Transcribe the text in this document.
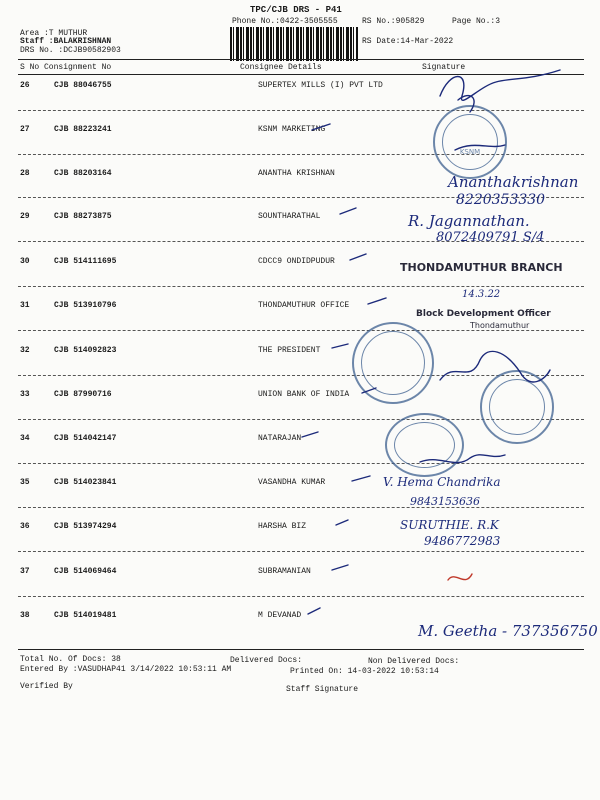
TPC/CJB DRS - P41
Phone No.:0422-3505555	RS No.:905829	Page No.:3
Area :T MUTHUR
Staff :BALAKRISHNAN	RS Date:14-Mar-2022
DRS No. :DCJB90582903
S No Consignment No	Consignee Details	Signature
26	CJB 88046755	SUPERTEX MILLS (I) PVT LTD
27	CJB 88223241	KSNM MARKETING
28	CJB 88203164	ANANTHA KRISHNAN
29	CJB 88273875	SOUNTHARATHAL
30	CJB 514111695	CDCC9 ONDIDPUDUR
31	CJB 513910796	THONDAMUTHUR OFFICE
32	CJB 514092823	THE PRESIDENT
33	CJB 87990716	UNION BANK OF INDIA
34	CJB 514042147	NATARAJAN
35	CJB 514023841	VASANDHA KUMAR
36	CJB 513974294	HARSHA BIZ
37	CJB 514069464	SUBRAMANIAN
38	CJB 514019481	M DEVANAD
Total No. Of Docs: 38	Delivered Docs:	Non Delivered Docs:
Entered By :VASUDHAP41 3/14/2022 10:53:11 AM	Printed On: 14-03-2022 10:53:14
Verified By	Staff Signature
KSNM
THONDAMUTHUR BRANCH
Block Development Officer
Thondamuthur
14.3.22
Ananthakrishnan
8220353330
R. Jagannathan.
8072409791 S/4
V. Hema Chandrika
9843153636
SURUTHIE. R.K
9486772983
M. Geetha - 737356750
